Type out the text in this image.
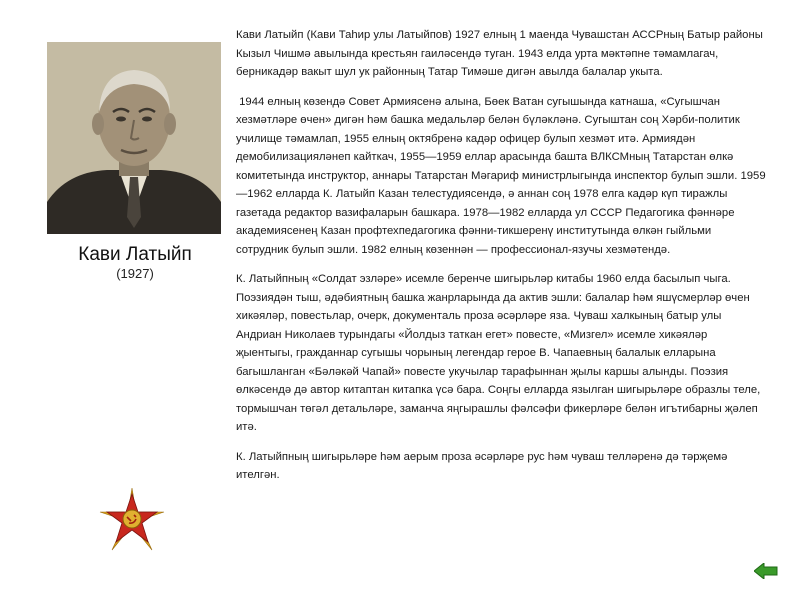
Кави Латыйп
(1927)

Кави Латыйп (Кави Таһир улы Латыйпов) 1927 елның 1 маенда Чувашстан АССРның Батыр районы Кызыл Чишмә авылында крестьян гаиләсендә туган. 1943 елда урта мәктәпне тәмамлагач, берникадәр вакыт шул ук районның Татар Тимәше дигән авылда балалар укыта.

1944 елның көзендә Совет Армиясенә алына, Бөек Ватан сугышында катнаша, «Сугышчан хезмәтләре өчен» дигән һәм башка медальләр белән бүләкләнә. Сугыштан соң Хәрби-политик училище тәмамлап, 1955 елның октябренә кадәр офицер булып хезмәт итә. Армиядән демобилизацияләнеп кайткач, 1955—1959 еллар арасында башта ВЛКСМның Татарстан өлкә комитетында инструктор, аннары Татарстан Мәгариф министрлыгында инспектор булып эшли. 1959—1962 елларда К. Латыйп Казан телестудиясендә, ә аннан соң 1978 елга кадәр күп тиражлы газетада редактор вазифаларын башкара. 1978—1982 елларда ул СССР Педагогика фәннәре академиясенең Казан профтехпедагогика фәнни-тикшеренү институтында өлкән гыйльми сотрудник булып эшли. 1982 елның көзеннән — профессионал-язучы хезмәтендә.

К. Латыйпның «Солдат эзләре» исемле беренче шигырьләр китабы 1960 елда басылып чыга. Поэзиядән тыш, әдәбиятның башка жанрларында да актив эшли: балалар һәм яшүсмерләр өчен хикәяләр, повестьлар, очерк, документаль проза әсәрләре яза. Чуваш халкының батыр улы Андриан Николаев турындагы «Йолдыз таткан егет» повесте, «Мизгел» исемле хикәяләр җыентыгы, гражданнар сугышы чорының легендар герое В. Чапаевның балалык елларына багышланган «Бәләкәй Чапай» повесте укучылар тарафыннан җылы каршы алынды. Поэзия өлкәсендә дә автор китаптан китапка үсә бара. Соңгы елларда язылган шигырьләре образлы теле, тормышчан төгәл детальләре, заманча яңгырашлы фәлсәфи фикерләре белән игътибарны җәлеп итә.

К. Латыйпның шигырьләре һәм аерым проза әсәрләре рус һәм чуваш телләренә дә тәрҗемә ителгән.
